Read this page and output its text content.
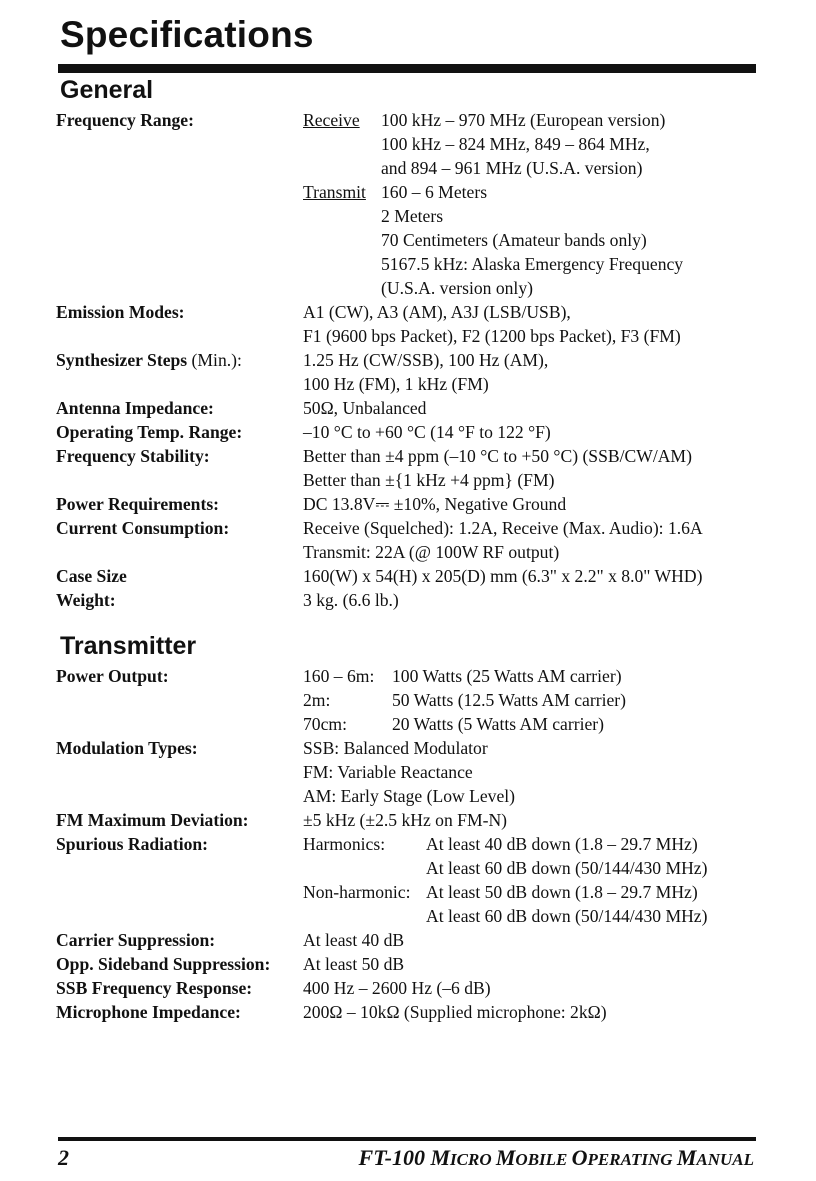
Specifications
General
Frequency Range:	Receive 100 kHz – 970 MHz (European version)
100 kHz – 824 MHz, 849 – 864 MHz,
and 894 – 961 MHz (U.S.A. version)
Transmit 160 – 6 Meters
2 Meters
70 Centimeters (Amateur bands only)
5167.5 kHz: Alaska Emergency Frequency
(U.S.A. version only)
Emission Modes:	A1 (CW), A3 (AM), A3J (LSB/USB),
F1 (9600 bps Packet), F2 (1200 bps Packet), F3 (FM)
Synthesizer Steps (Min.):	1.25 Hz (CW/SSB), 100 Hz (AM),
100 Hz (FM), 1 kHz (FM)
Antenna Impedance:	50Ω, Unbalanced
Operating Temp. Range:	–10 °C to +60 °C (14 °F to 122 °F)
Frequency Stability:	Better than ±4 ppm (–10 °C to +50 °C) (SSB/CW/AM)
Better than ±{1 kHz +4 ppm} (FM)
Power Requirements:	DC 13.8V⎓ ±10%, Negative Ground
Current Consumption:	Receive (Squelched): 1.2A, Receive (Max. Audio): 1.6A
Transmit: 22A (@ 100W RF output)
Case Size	160(W) x 54(H) x 205(D) mm (6.3" x 2.2" x 8.0" WHD)
Weight:	3 kg. (6.6 lb.)
Transmitter
Power Output:	160 – 6m: 100 Watts (25 Watts AM carrier)
2m:	50 Watts (12.5 Watts AM carrier)
70cm:	20 Watts (5 Watts AM carrier)
Modulation Types:	SSB: Balanced Modulator
FM: Variable Reactance
AM: Early Stage (Low Level)
FM Maximum Deviation:	±5 kHz (±2.5 kHz on FM-N)
Spurious Radiation:	Harmonics: At least 40 dB down (1.8 – 29.7 MHz)
At least 60 dB down (50/144/430 MHz)
Non-harmonic: At least 50 dB down (1.8 – 29.7 MHz)
At least 60 dB down (50/144/430 MHz)
Carrier Suppression:	At least 40 dB
Opp. Sideband Suppression: At least 50 dB
SSB Frequency Response:	400 Hz – 2600 Hz (–6 dB)
Microphone Impedance:	200Ω – 10kΩ (Supplied microphone: 2kΩ)
2	FT-100 MICRO MOBILE OPERATING MANUAL
